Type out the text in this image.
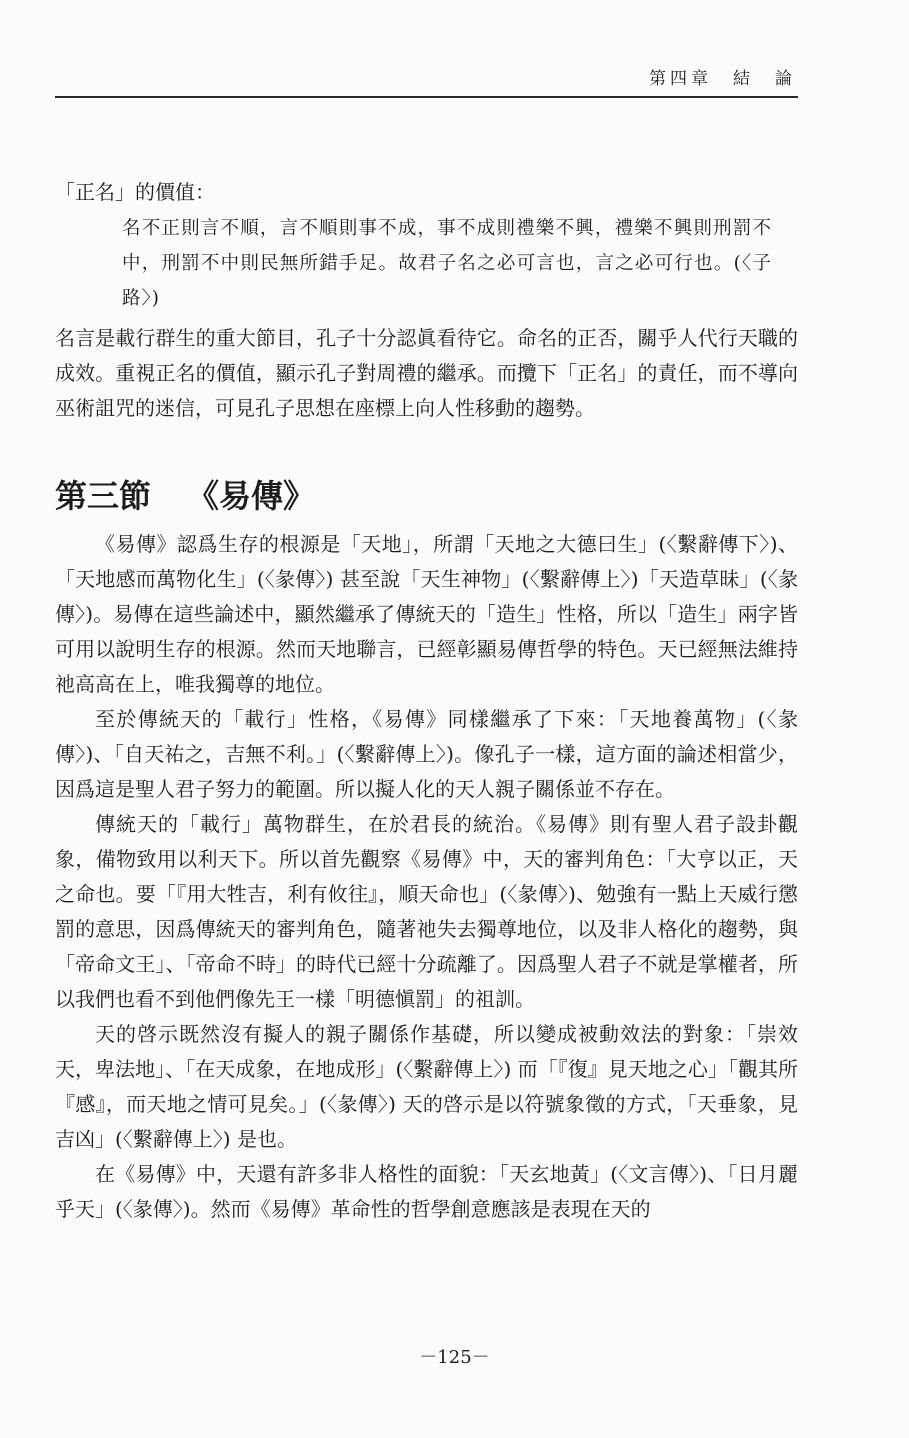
第四章　結　論

「正名」的價值：

名不正則言不順，言不順則事不成，事不成則禮樂不興，禮樂不興則刑罰不中，刑罰不中則民無所錯手足。故君子名之必可言也，言之必可行也。(〈子路〉)

名言是載行群生的重大節目，孔子十分認眞看待它。命名的正否，關乎人代行天職的成效。重視正名的價值，顯示孔子對周禮的繼承。而攬下「正名」的責任，而不導向巫術詛咒的迷信，可見孔子思想在座標上向人性移動的趨勢。

第三節 《易傳》

《易傳》認爲生存的根源是「天地」，所謂「天地之大德曰生」(〈繫辭傳下〉)、「天地感而萬物化生」(〈彖傳〉) 甚至說「天生神物」(〈繫辭傳上〉)「天造草昧」(〈彖傳〉)。易傳在這些論述中，顯然繼承了傳統天的「造生」性格，所以「造生」兩字皆可用以說明生存的根源。然而天地聯言，已經彰顯易傳哲學的特色。天已經無法維持祂高高在上，唯我獨尊的地位。

至於傳統天的「載行」性格，《易傳》同樣繼承了下來：「天地養萬物」(〈彖傳〉)、「自天祐之，吉無不利。」(〈繫辭傳上〉)。像孔子一樣，這方面的論述相當少，因爲這是聖人君子努力的範圍。所以擬人化的天人親子關係並不存在。

傳統天的「載行」萬物群生，在於君長的統治。《易傳》則有聖人君子設卦觀象，備物致用以利天下。所以首先觀察《易傳》中，天的審判角色：「大亨以正，天之命也。要「『用大牲吉，利有攸往』，順天命也」(〈彖傳〉)、勉強有一點上天威行懲罰的意思，因爲傳統天的審判角色，隨著祂失去獨尊地位，以及非人格化的趨勢，與「帝命文王」、「帝命不時」的時代已經十分疏離了。因爲聖人君子不就是掌權者，所以我們也看不到他們像先王一樣「明德愼罰」的祖訓。

天的啓示既然沒有擬人的親子關係作基礎，所以變成被動效法的對象：「崇效天，卑法地」、「在天成象，在地成形」(〈繫辭傳上〉) 而「『復』見天地之心」「觀其所『感』，而天地之情可見矣。」(〈彖傳〉) 天的啓示是以符號象徵的方式，「天垂象，見吉凶」(〈繫辭傳上〉) 是也。

在《易傳》中，天還有許多非人格性的面貌：「天玄地黃」(〈文言傳〉)、「日月麗乎天」(〈彖傳〉)。然而《易傳》革命性的哲學創意應該是表現在天的

－125－
